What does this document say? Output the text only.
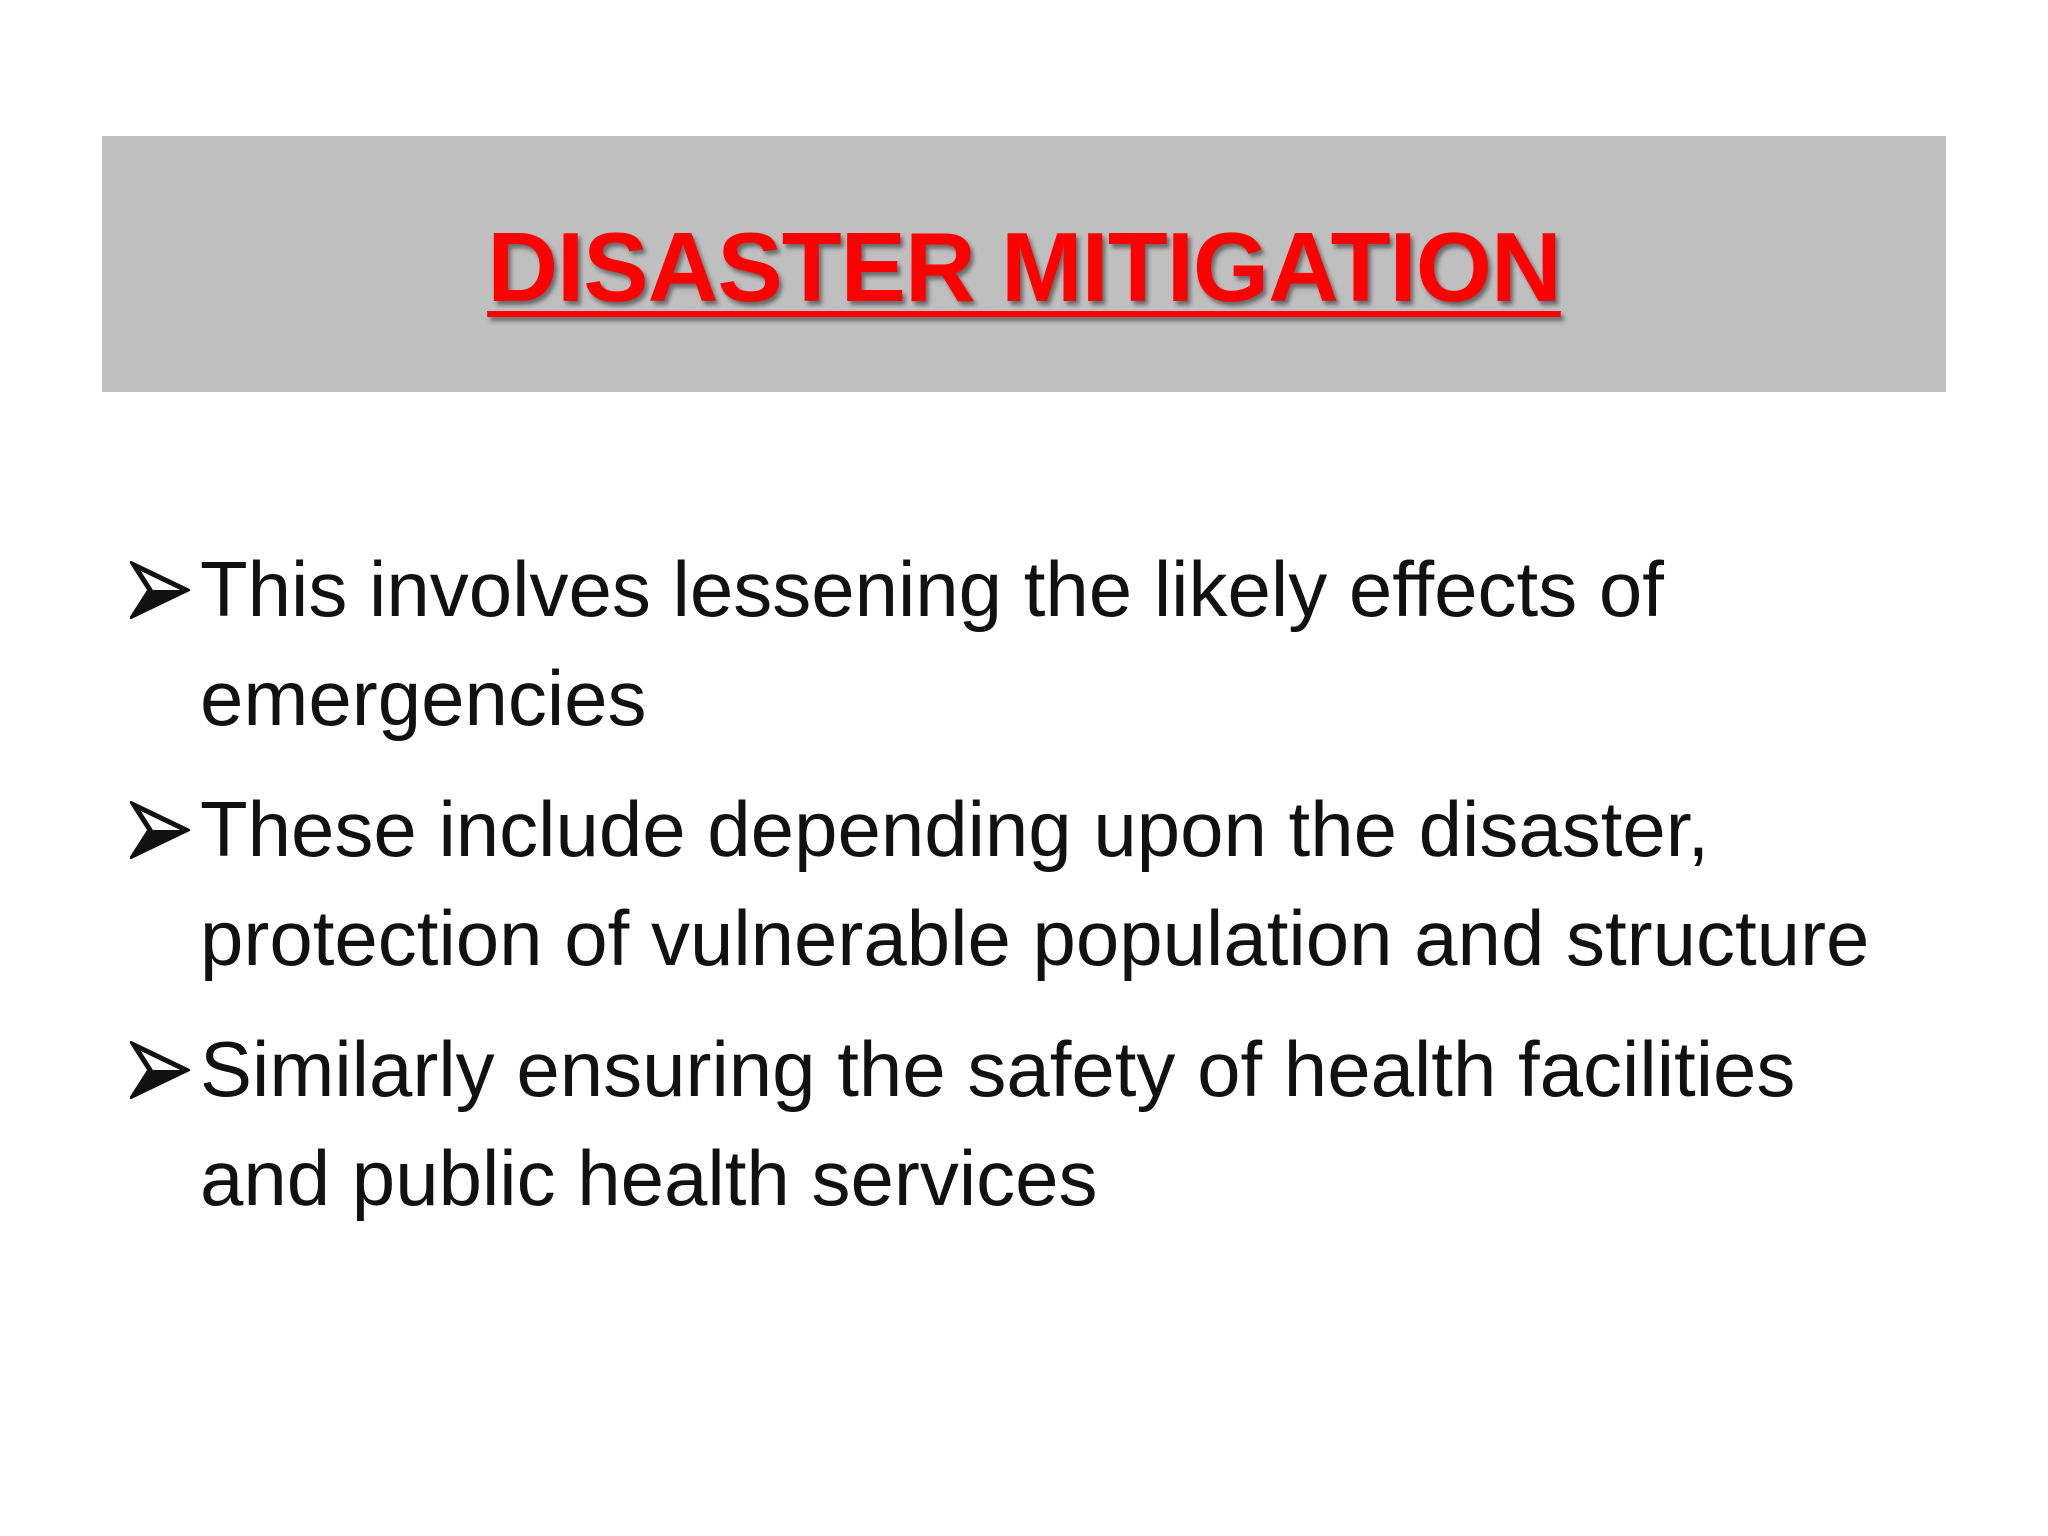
DISASTER MITIGATION
This involves lessening the likely effects of emergencies
These include depending upon the disaster, protection of vulnerable population and structure
Similarly ensuring the safety of health facilities and public health services
